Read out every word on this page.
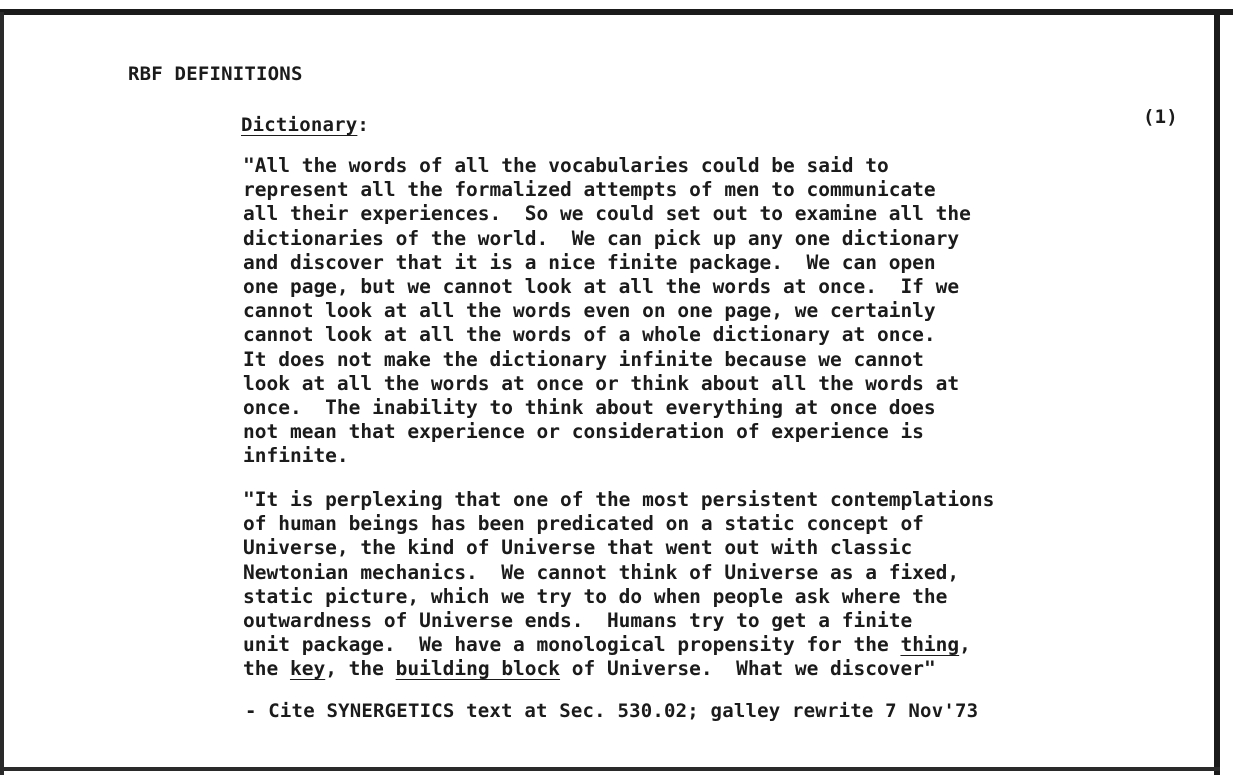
RBF DEFINITIONS
Dictionary:	(1)
"All the words of all the vocabularies could be said to
represent all the formalized attempts of men to communicate
all their experiences.  So we could set out to examine all the
dictionaries of the world.  We can pick up any one dictionary
and discover that it is a nice finite package.  We can open
one page, but we cannot look at all the words at once.  If we
cannot look at all the words even on one page, we certainly
cannot look at all the words of a whole dictionary at once.
It does not make the dictionary infinite because we cannot
look at all the words at once or think about all the words at
once.  The inability to think about everything at once does
not mean that experience or consideration of experience is
infinite.
"It is perplexing that one of the most persistent contemplations
of human beings has been predicated on a static concept of
Universe, the kind of Universe that went out with classic
Newtonian mechanics.  We cannot think of Universe as a fixed,
static picture, which we try to do when people ask where the
outwardness of Universe ends.  Humans try to get a finite
unit package.  We have a monological propensity for the thing,
the key, the building block of Universe.  What we discover"
- Cite SYNERGETICS text at Sec. 530.02; galley rewrite 7 Nov'73
